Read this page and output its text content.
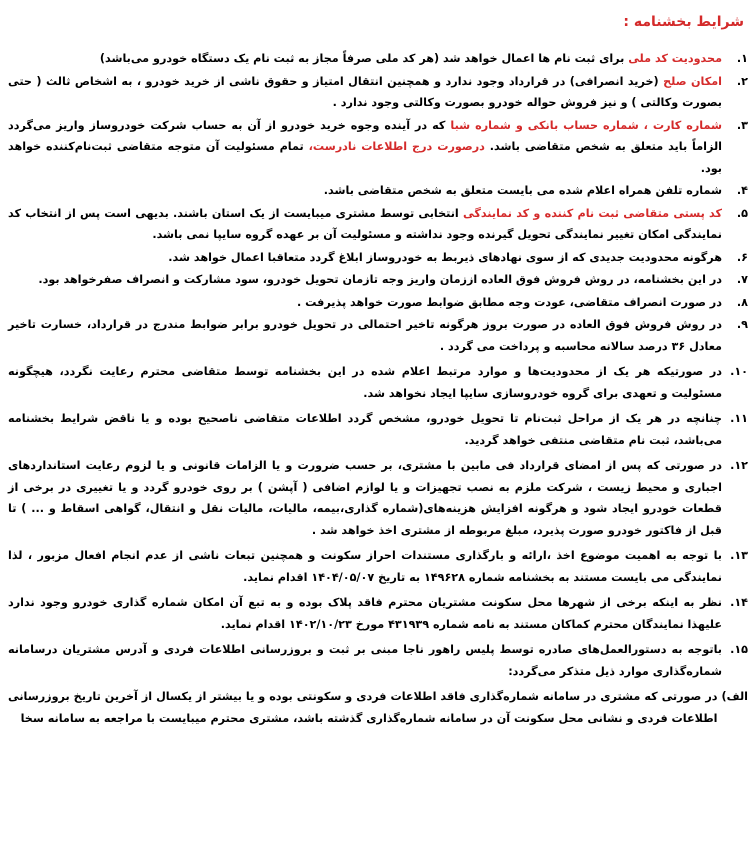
شرایط بخشنامه :
۱.
محدودیت کد ملی برای ثبت نام ها اعمال خواهد شد (هر کد ملی صرفاً مجاز به ثبت نام یک دستگاه خودرو می‌باشد)
۲.
امکان صلح (خرید انصرافی) در قرارداد وجود ندارد و همچنین انتقال امتیاز و حقوق ناشی از خرید خودرو ، به اشخاص ثالث ( حتی بصورت وکالتی ) و نیز فروش حواله خودرو بصورت وکالتی وجود ندارد .
۳.
شماره کارت ، شماره حساب بانکی و شماره شبا که در آینده وجوه خرید خودرو از آن به حساب شرکت خودروساز واریز می‌گردد الزاماً باید متعلق به شخص متقاضی باشد. درصورت درج اطلاعات نادرست، تمام مسئولیت آن متوجه متقاضی ثبت‌نام‌کننده خواهد بود.
۴.
شماره تلفن همراه اعلام شده می بایست متعلق به شخص متقاضی باشد.
۵.
کد پستی متقاضی ثبت نام کننده و کد نمایندگی انتخابی توسط مشتری میبایست از یک استان باشند. بدیهی است پس از انتخاب کد نمایندگی امکان تغییر نمایندگی تحویل گیرنده وجود نداشته و مسئولیت آن بر عهده گروه سایپا نمی باشد.
۶.
هرگونه محدودیت جدیدی که از سوی نهادهای ذیربط به خودروساز ابلاغ گردد متعاقبا اعمال خواهد شد.
۷.
در این بخشنامه، در روش فروش فوق العاده اززمان واریز وجه تازمان تحویل خودرو، سود مشارکت و انصراف صفرخواهد بود.
۸.
در صورت انصراف متقاضی، عودت وجه مطابق ضوابط صورت خواهد پذیرفت .
۹.
در روش فروش فوق العاده در صورت بروز هرگونه تاخیر احتمالی در تحویل خودرو برابر ضوابط مندرج در قرارداد، خسارت تاخیر معادل ۳۶ درصد سالانه محاسبه و پرداخت می گردد .
۱۰.
در صورتیکه هر یک از محدودیت‌ها و موارد مرتبط اعلام شده در این بخشنامه توسط متقاضی محترم رعایت نگردد، هیچگونه مسئولیت و تعهدی برای گروه خودروسازی سایپا ایجاد نخواهد شد.
۱۱.
چنانچه در هر یک از مراحل ثبت‌نام تا تحویل خودرو، مشخص گردد اطلاعات متقاضی ناصحیح بوده و یا ناقض شرایط بخشنامه می‌باشد، ثبت نام متقاضی منتفی خواهد گردید.
۱۲.
در صورتی که پس از امضای قرارداد فی مابین با مشتری، بر حسب ضرورت و یا الزامات قانونی و یا لزوم رعایت استانداردهای اجباری و محیط زیست ، شرکت ملزم به نصب تجهیزات و یا لوازم اضافی ( آپشن ) بر روی خودرو گردد و یا تغییری در برخی از قطعات خودرو ایجاد شود و هرگونه افزایش هزینه‌های(شماره گذاری،بیمه، مالیات، مالیات نقل و انتقال، گواهی اسقاط و ... ) تا قبل از فاکتور خودرو صورت پذیرد، مبلغ مربوطه از مشتری اخذ خواهد شد .
۱۳.
با توجه به اهمیت موضوع اخذ ،ارائه و بارگذاری مستندات احراز سکونت و همچنین تبعات ناشی از عدم انجام افعال مزبور ، لذا نمایندگی می بایست مستند به بخشنامه شماره ۱۴۹۶۲۸ به تاریخ ۱۴۰۴/۰۵/۰۷ اقدام نماید.
۱۴.
نظر به اینکه برخی از شهرها محل سکونت مشتریان محترم فاقد پلاک بوده و به تبع آن امکان شماره گذاری خودرو وجود ندارد علیهذا نمایندگان محترم کماکان مستند به نامه شماره ۴۳۱۹۳۹ مورخ ۱۴۰۲/۱۰/۲۳ اقدام نماید.
۱۵.
باتوجه به دستورالعمل‌های صادره توسط پلیس راهور ناجا مبنی بر ثبت و بروزرسانی اطلاعات فردی و آدرس مشتریان درسامانه شماره‌گذاری موارد ذیل متذکر می‌گردد:
الف)
در صورتی که مشتری در سامانه شماره‌گذاری فاقد اطلاعات فردی و سکونتی بوده و یا بیشتر از یکسال از آخرین تاریخ بروزرسانی اطلاعات فردی و نشانی محل سکونت آن در سامانه شماره‌گذاری گذشته باشد، مشتری محترم میبایست با مراجعه به سامانه سخا
